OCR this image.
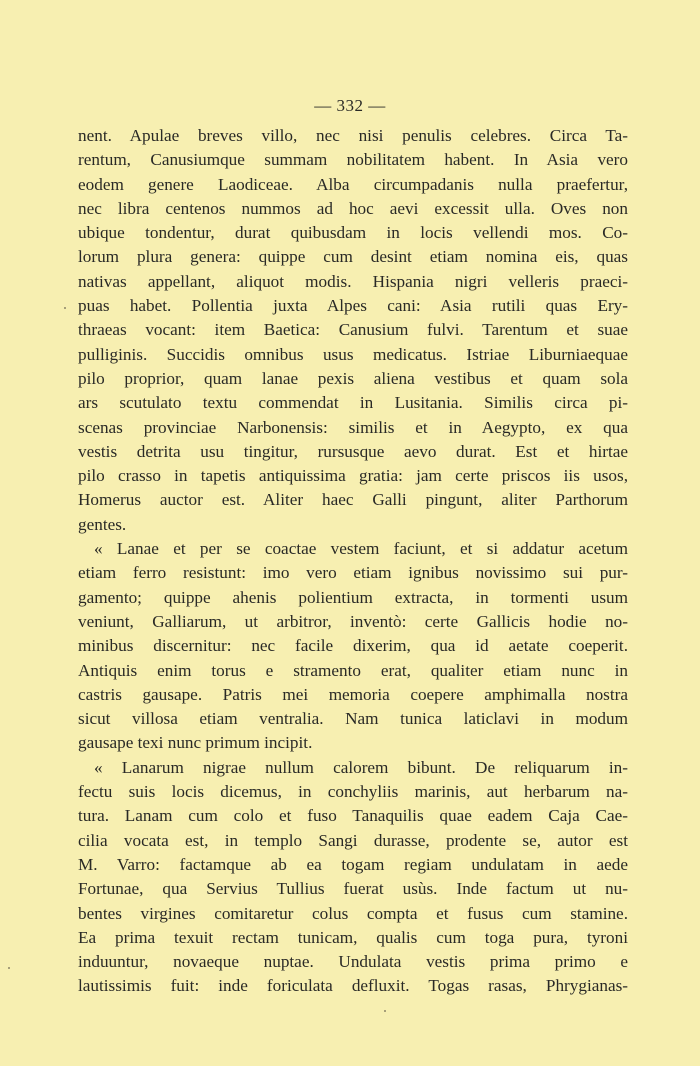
— 332 —
nent. Apulae breves villo, nec nisi penulis celebres. Circa Ta-
rentum, Canusiumque summam nobilitatem habent. In Asia vero
eodem genere Laodiceae. Alba circumpadanis nulla praefertur,
nec libra centenos nummos ad hoc aevi excessit ulla. Oves non
ubique tondentur, durat quibusdam in locis vellendi mos. Co-
lorum plura genera: quippe cum desint etiam nomina eis, quas
nativas appellant, aliquot modis. Hispania nigri velleris praeci-
puas habet. Pollentia juxta Alpes cani: Asia rutili quas Ery-
thraeas vocant: item Baetica: Canusium fulvi. Tarentum et suae
pulliginis. Succidis omnibus usus medicatus. Istriae Liburniaequae
pilo proprior, quam lanae pexis aliena vestibus et quam sola
ars scutulato textu commendat in Lusitania. Similis circa pi-
scenas provinciae Narbonensis: similis et in Aegypto, ex qua
vestis detrita usu tingitur, rursusque aevo durat. Est et hirtae
pilo crasso in tapetis antiquissima gratia: jam certe priscos iis usos,
Homerus auctor est. Aliter haec Galli pingunt, aliter Parthorum
gentes.
« Lanae et per se coactae vestem faciunt, et si addatur acetum
etiam ferro resistunt: imo vero etiam ignibus novissimo sui pur-
gamento; quippe ahenis polientium extracta, in tormenti usum
veniunt, Galliarum, ut arbitror, inventò: certe Gallicis hodie no-
minibus discernitur: nec facile dixerim, qua id aetate coeperit.
Antiquis enim torus e stramento erat, qualiter etiam nunc in
castris gausape. Patris mei memoria coepere amphimalla nostra
sicut villosa etiam ventralia. Nam tunica laticlavi in modum
gausape texi nunc primum incipit.
« Lanarum nigrae nullum calorem bibunt. De reliquarum in-
fectu suis locis dicemus, in conchyliis marinis, aut herbarum na-
tura. Lanam cum colo et fuso Tanaquilis quae eadem Caja Cae-
cilia vocata est, in templo Sangi durasse, prodente se, autor est
M. Varro: factamque ab ea togam regiam undulatam in aede
Fortunae, qua Servius Tullius fuerat usùs. Inde factum ut nu-
bentes virgines comitaretur colus compta et fusus cum stamine.
Ea prima texuit rectam tunicam, qualis cum toga pura, tyroni
induuntur, novaeque nuptae. Undulata vestis prima primo e
lautissimis fuit: inde foriculata defluxit. Togas rasas, Phrygianas-
